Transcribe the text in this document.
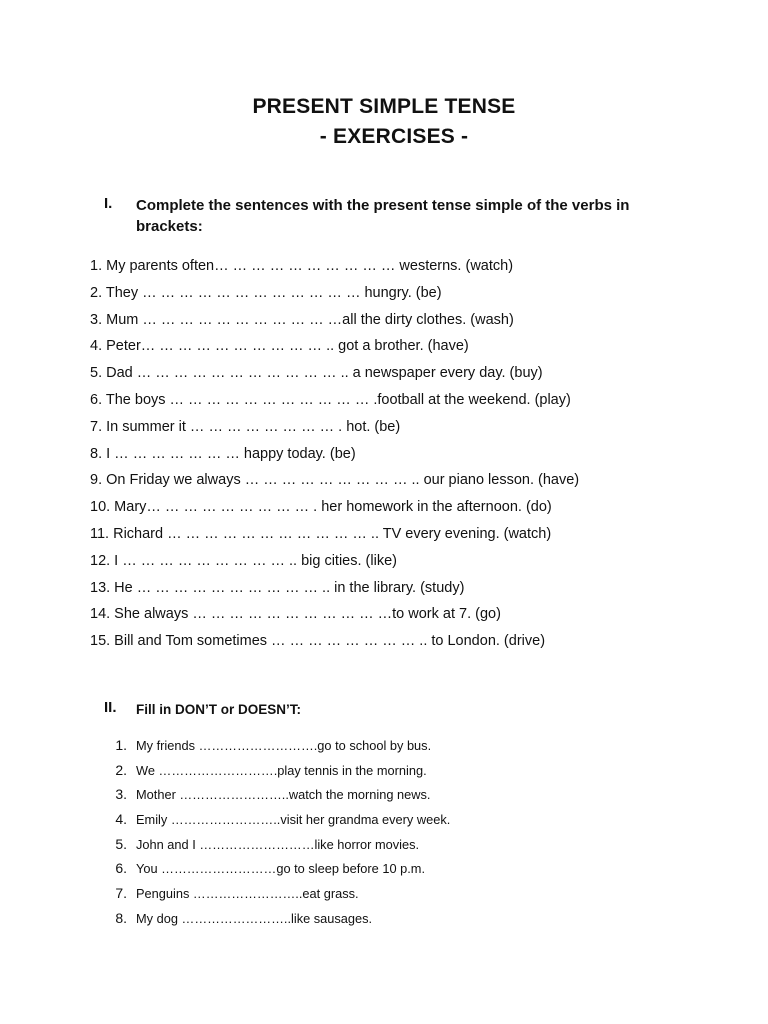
PRESENT SIMPLE TENSE
- EXERCISES -
I. Complete the sentences with the present tense simple of the verbs in brackets:
1. My parents often… … … … … … … … … … westerns. (watch)
2. They … … … … … … … … … … … … hungry. (be)
3. Mum … … … … … … … … … … …all the dirty clothes. (wash)
4. Peter… … … … … … … … … … .. got a brother. (have)
5. Dad … … … … … … … … … … … .. a newspaper every day. (buy)
6. The boys … … … … … … … … … … … .football at the weekend. (play)
7. In summer it … … … … … … … … . hot. (be)
8. I … … … … … … … happy today. (be)
9. On Friday we always … … … … … … … … … .. our piano lesson. (have)
10. Mary… … … … … … … … … . her homework in the afternoon. (do)
11. Richard … … … … … … … … … … … .. TV every evening. (watch)
12. I … … … … … … … … … .. big cities. (like)
13. He … … … … … … … … … … .. in the library. (study)
14. She always … … … … … … … … … … …to work at 7. (go)
15. Bill and Tom sometimes … … … … … … … … .. to London. (drive)
II. Fill in DON’T or DOESN’T:
1. My friends ……………………….go to school by bus.
2. We ……………………….play tennis in the morning.
3. Mother ……………………..watch the morning news.
4. Emily ……………………..visit her grandma every week.
5. John and I ………………………like horror movies.
6. You ………………………go to sleep before 10 p.m.
7. Penguins ……………………..eat grass.
8. My dog ……………………..like sausages.
